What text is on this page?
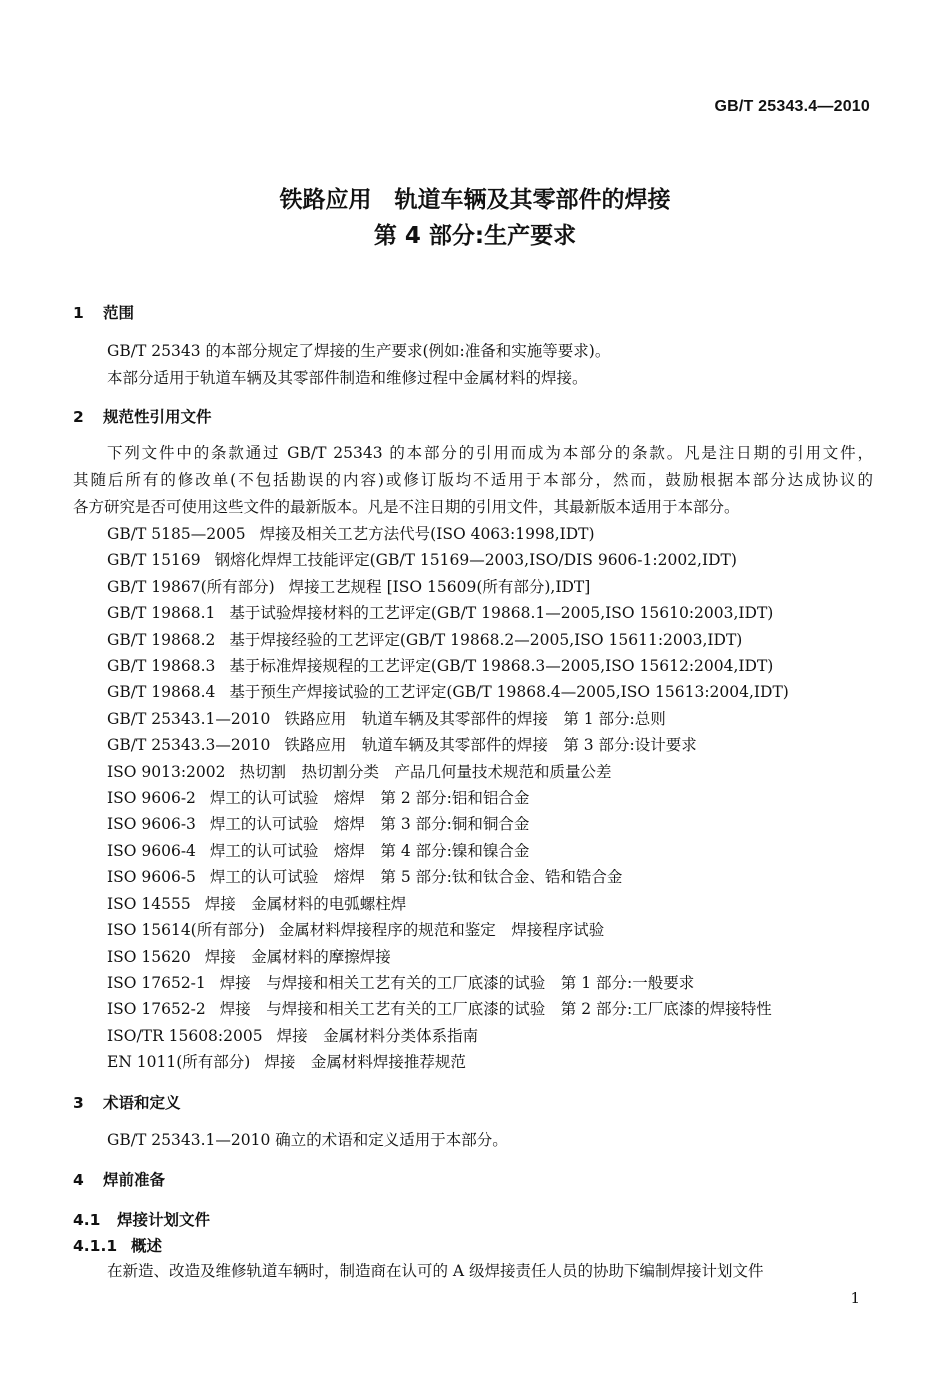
GB/T 25343.4—2010
铁路应用　轨道车辆及其零部件的焊接
第 4 部分:生产要求
1 范围
GB/T 25343 的本部分规定了焊接的生产要求(例如:准备和实施等要求)。
本部分适用于轨道车辆及其零部件制造和维修过程中金属材料的焊接。
2 规范性引用文件
下列文件中的条款通过 GB/T 25343 的本部分的引用而成为本部分的条款。凡是注日期的引用文件，
其随后所有的修改单(不包括勘误的内容)或修订版均不适用于本部分，然而，鼓励根据本部分达成协议的
各方研究是否可使用这些文件的最新版本。凡是不注日期的引用文件，其最新版本适用于本部分。
GB/T 5185—2005 焊接及相关工艺方法代号(ISO 4063:1998,IDT)
GB/T 15169 钢熔化焊焊工技能评定(GB/T 15169—2003,ISO/DIS 9606-1:2002,IDT)
GB/T 19867(所有部分) 焊接工艺规程 [ISO 15609(所有部分),IDT]
GB/T 19868.1 基于试验焊接材料的工艺评定(GB/T 19868.1—2005,ISO 15610:2003,IDT)
GB/T 19868.2 基于焊接经验的工艺评定(GB/T 19868.2—2005,ISO 15611:2003,IDT)
GB/T 19868.3 基于标准焊接规程的工艺评定(GB/T 19868.3—2005,ISO 15612:2004,IDT)
GB/T 19868.4 基于预生产焊接试验的工艺评定(GB/T 19868.4—2005,ISO 15613:2004,IDT)
GB/T 25343.1—2010 铁路应用　轨道车辆及其零部件的焊接　第 1 部分:总则
GB/T 25343.3—2010 铁路应用　轨道车辆及其零部件的焊接　第 3 部分:设计要求
ISO 9013:2002 热切割　热切割分类　产品几何量技术规范和质量公差
ISO 9606-2 焊工的认可试验　熔焊　第 2 部分:铝和铝合金
ISO 9606-3 焊工的认可试验　熔焊　第 3 部分:铜和铜合金
ISO 9606-4 焊工的认可试验　熔焊　第 4 部分:镍和镍合金
ISO 9606-5 焊工的认可试验　熔焊　第 5 部分:钛和钛合金、锆和锆合金
ISO 14555 焊接　金属材料的电弧螺柱焊
ISO 15614(所有部分) 金属材料焊接程序的规范和鉴定　焊接程序试验
ISO 15620 焊接　金属材料的摩擦焊接
ISO 17652-1 焊接　与焊接和相关工艺有关的工厂底漆的试验　第 1 部分:一般要求
ISO 17652-2 焊接　与焊接和相关工艺有关的工厂底漆的试验　第 2 部分:工厂底漆的焊接特性
ISO/TR 15608:2005 焊接　金属材料分类体系指南
EN 1011(所有部分) 焊接　金属材料焊接推荐规范
3 术语和定义
GB/T 25343.1—2010 确立的术语和定义适用于本部分。
4 焊前准备
4.1 焊接计划文件
4.1.1 概述
在新造、改造及维修轨道车辆时，制造商在认可的 A 级焊接责任人员的协助下编制焊接计划文件
1
